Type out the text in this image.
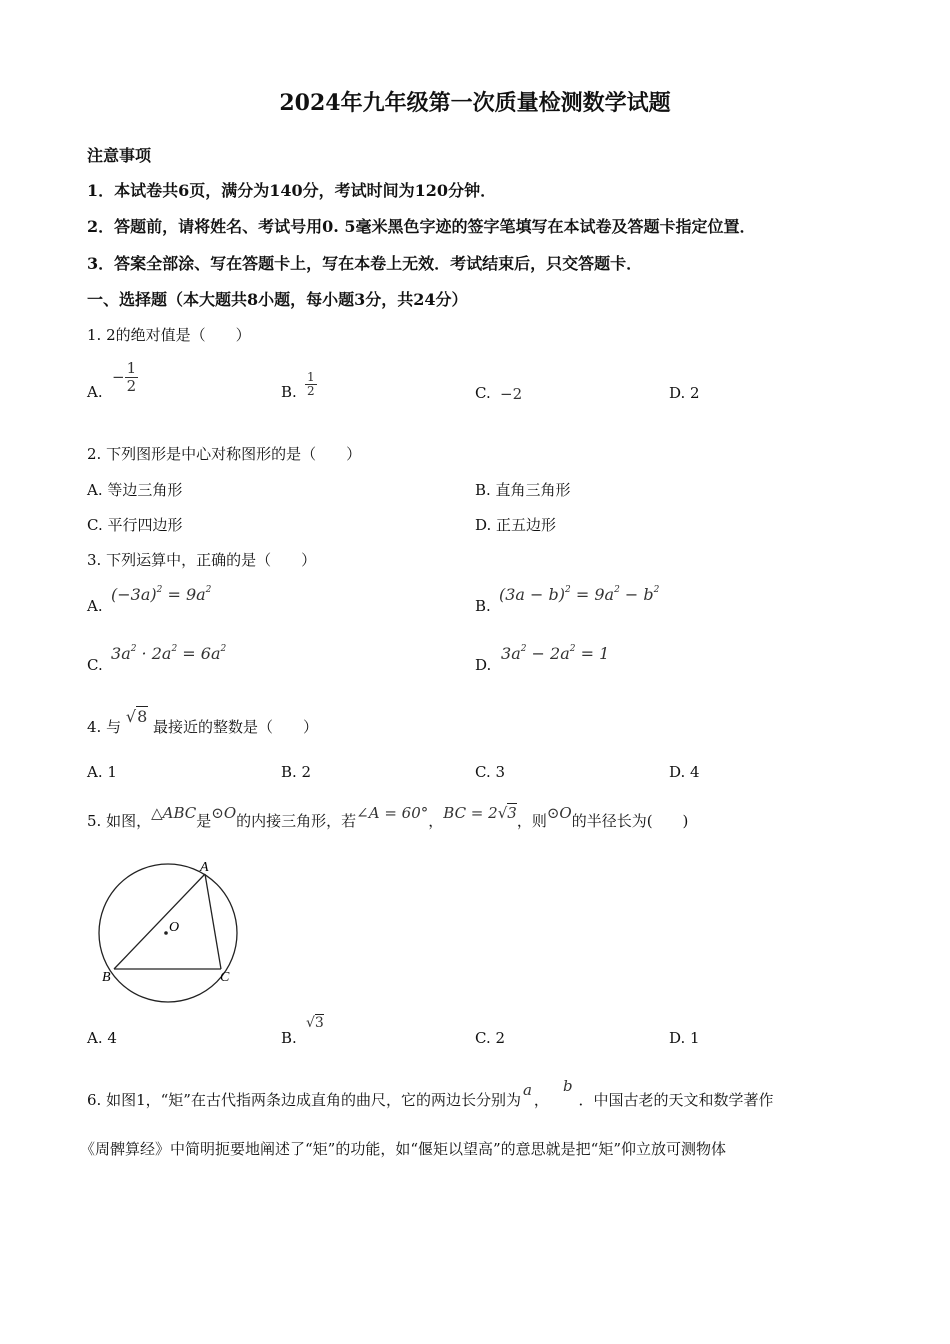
2024年九年级第一次质量检测数学试题
注意事项
1．本试卷共6页，满分为140分，考试时间为120分钟．
2．答题前，请将姓名、考试号用0. 5毫米黑色字迹的签字笔填写在本试卷及答题卡指定位置．
3．答案全部涂、写在答题卡上，写在本卷上无效．考试结束后，只交答题卡．
一、选择题（本大题共8小题，每小题3分，共24分）
1. 2的绝对值是（　　）
A.
− $\frac{1}{2}$	B. $\frac{1}{2}$	C. −2	D. 2
2. 下列图形是中心对称图形的是（　　）
A. 等边三角形	B. 直角三角形
C. 平行四边形	D. 正五边形
3. 下列运算中，正确的是（　　）
A.
$(-3a)^2 = 9a^2$
B.
$(3a - b)^2 = 9a^2 - b^2$
C.
$3a^2 \cdot 2a^2 = 6a^2$
D.
$3a^2 - 2a^2 = 1$
4. 与 √8 最接近的整数是（　　）
A. 1	B. 2	C. 3	D. 4
5. 如图，△ABC是⊙O的内接三角形，若∠A = 60°，BC = 2√3，则⊙O的半径长为(　　)
A
O
B	C
A. 4	B.
√3
C. 2	D. 1
6. 如图1，“矩”在古代指两条边成直角的曲尺，它的两边长分别为a，b．中国古老的天文和数学著作
《周髀算经》中简明扼要地阐述了“矩”的功能，如“偃矩以望高”的意思就是把“矩”仰立放可测物体
